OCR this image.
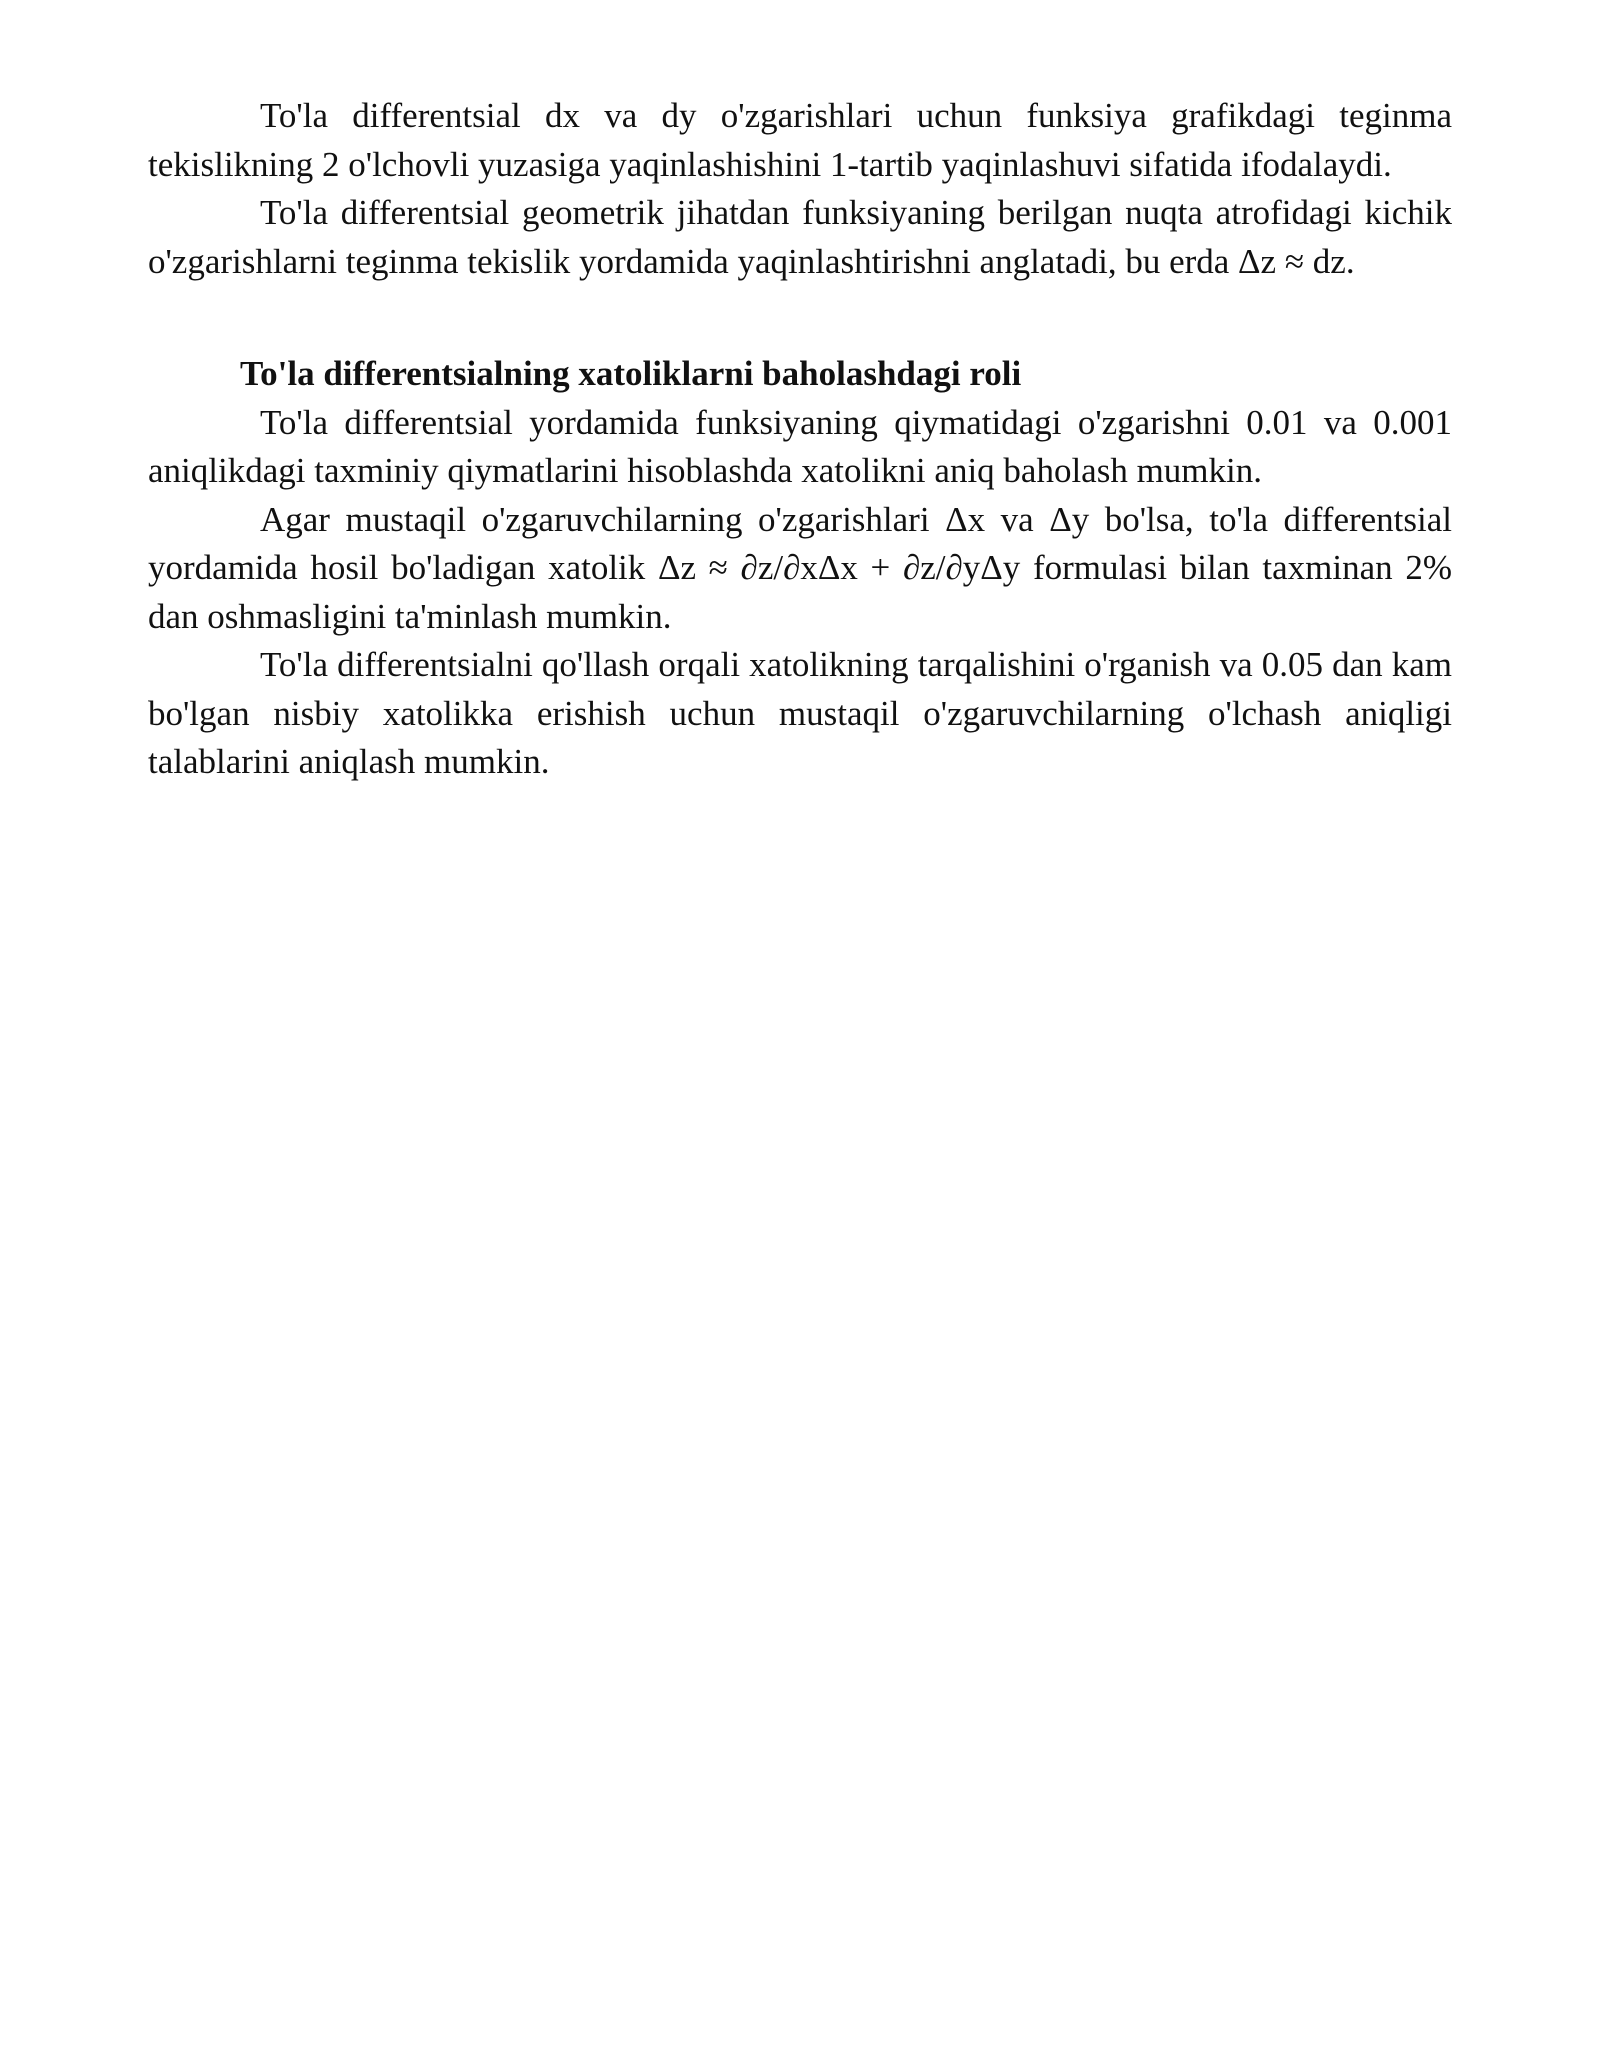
To'la differentsial dx va dy o'zgarishlari uchun funksiya grafikdagi teginma tekislikning 2 o'lchovli yuzasiga yaqinlashishini 1-tartib yaqinlashuvi sifatida ifodalaydi.

To'la differentsial geometrik jihatdan funksiyaning berilgan nuqta atrofidagi kichik o'zgarishlarni teginma tekislik yordamida yaqinlashtirishni anglatadi, bu erda Δz ≈ dz.

To'la differentsialning xatoliklarni baholashdagi roli

To'la differentsial yordamida funksiyaning qiymatidagi o'zgarishni 0.01 va 0.001 aniqlikdagi taxminiy qiymatlarini hisoblashda xatolikni aniq baholash mumkin.

Agar mustaqil o'zgaruvchilarning o'zgarishlari Δx va Δy bo'lsa, to'la differentsial yordamida hosil bo'ladigan xatolik Δz ≈ ∂z/∂xΔx + ∂z/∂yΔy formulasi bilan taxminan 2% dan oshmasligini ta'minlash mumkin.

To'la differentsialni qo'llash orqali xatolikning tarqalishini o'rganish va 0.05 dan kam bo'lgan nisbiy xatolikka erishish uchun mustaqil o'zgaruvchilarning o'lchash aniqligi talablarini aniqlash mumkin.
